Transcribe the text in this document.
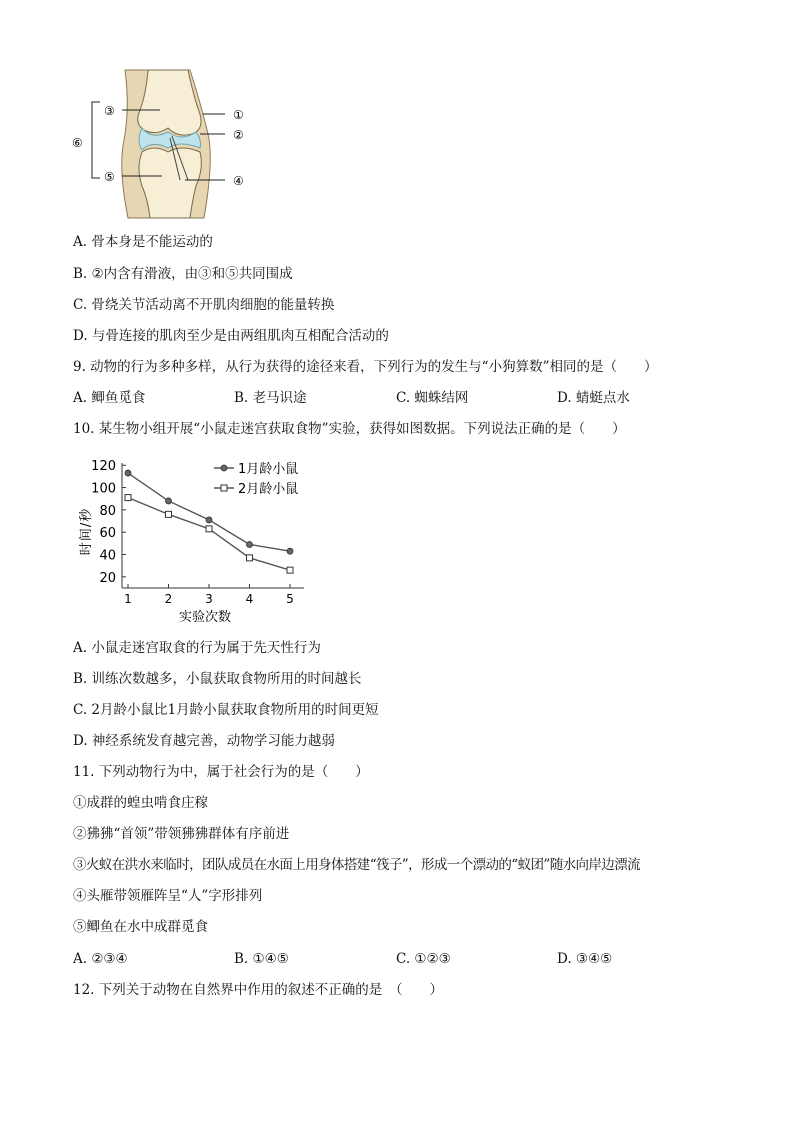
①
②
③
④
⑤
⑥
A. 骨本身是不能运动的
B. ②内含有滑液，由③和⑤共同围成
C. 骨绕关节活动离不开肌肉细胞的能量转换
D. 与骨连接的肌肉至少是由两组肌肉互相配合活动的
9. 动物的行为多种多样，从行为获得的途径来看，下列行为的发生与“小狗算数”相同的是（　　）
A. 鲫鱼觅食	B. 老马识途	C. 蜘蛛结网	D. 蜻蜓点水
10. 某生物小组开展“小鼠走迷宫获取食物”实验，获得如图数据。下列说法正确的是（　　）
20
40
60
80
100
120
1	2	3	4	5
1月龄小鼠
2月龄小鼠
实验次数
时间/秒
A. 小鼠走迷宫取食的行为属于先天性行为
B. 训练次数越多，小鼠获取食物所用的时间越长
C. 2月龄小鼠比1月龄小鼠获取食物所用的时间更短
D. 神经系统发育越完善，动物学习能力越弱
11. 下列动物行为中，属于社会行为的是（　　）
①成群的蝗虫啃食庄稼
②狒狒“首领”带领狒狒群体有序前进
③火蚁在洪水来临时，团队成员在水面上用身体搭建“筏子”，形成一个漂动的“蚁团”随水向岸边漂流
④头雁带领雁阵呈“人”字形排列
⑤鲫鱼在水中成群觅食
A. ②③④	B. ①④⑤	C. ①②③	D. ③④⑤
12. 下列关于动物在自然界中作用的叙述不正确的是　（　　）
